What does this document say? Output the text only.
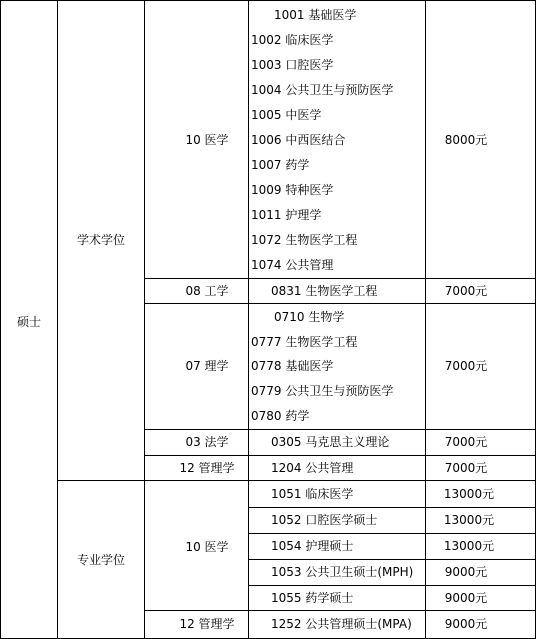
硕士
学术学位
专业学位
10 医学
08 工学
07 理学
03 法学
12 管理学
10 医学
12 管理学
1001 基础医学
1002 临床医学
1003 口腔医学
1004 公共卫生与预防医学
1005 中医学
1006 中西医结合
1007 药学
1009 特种医学
1011 护理学
1072 生物医学工程
1074 公共管理
0831 生物医学工程
0710 生物学
0777 生物医学工程
0778 基础医学
0779 公共卫生与预防医学
0780 药学
0305 马克思主义理论
1204 公共管理
1051 临床医学
1052 口腔医学硕士
1054 护理硕士
1053 公共卫生硕士(MPH)
1055 药学硕士
1252 公共管理硕士(MPA)
8000元
7000元
7000元
7000元
7000元
13000元
13000元
13000元
9000元
9000元
9000元
